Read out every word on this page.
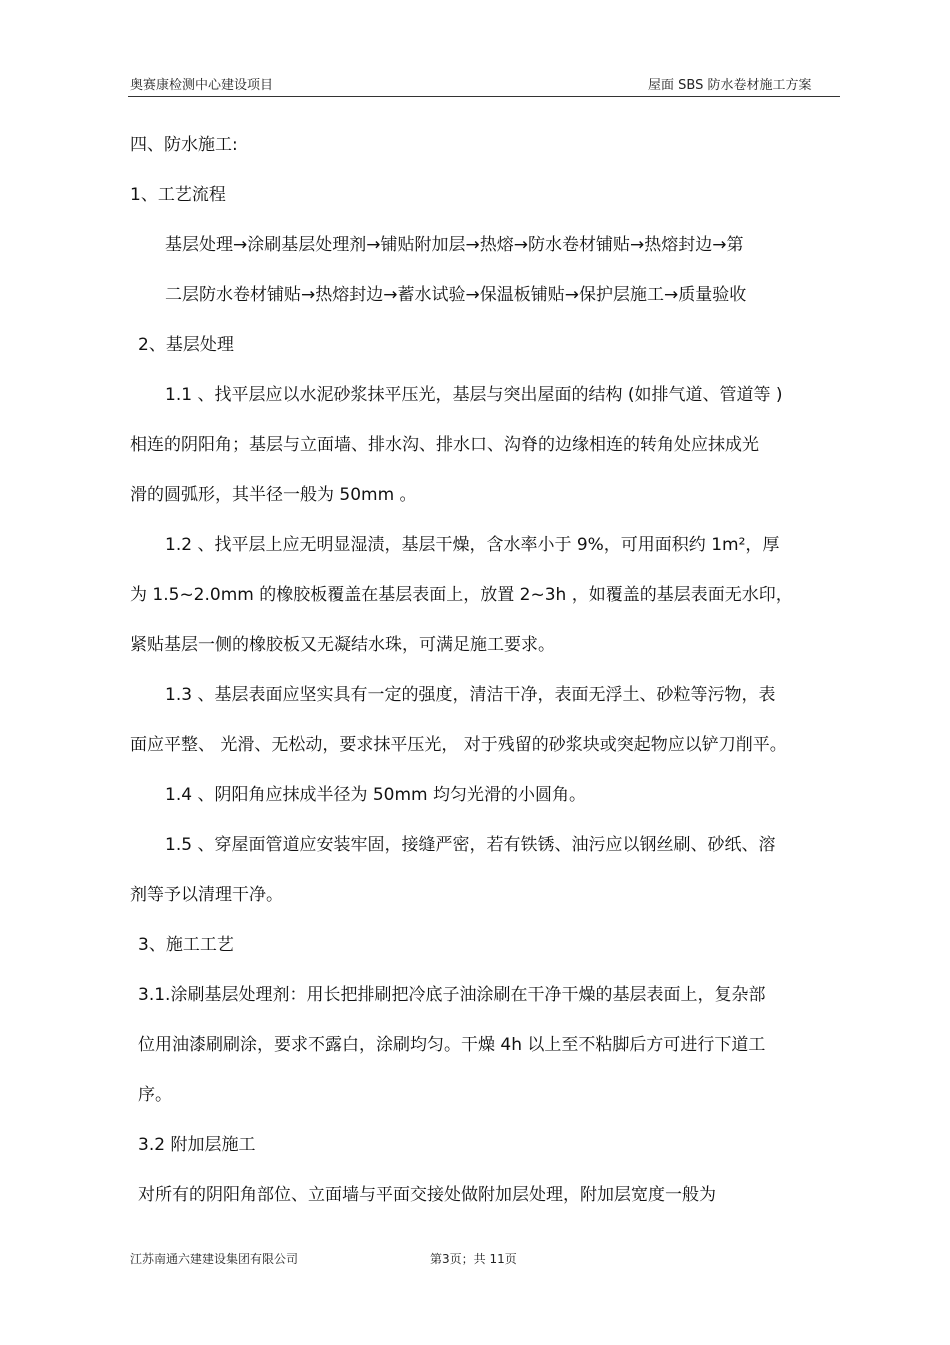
奥赛康检测中心建设项目	屋面 SBS 防水卷材施工方案
四、防水施工:
1、工艺流程
基层处理→涂刷基层处理剂→铺贴附加层→热熔→防水卷材铺贴→热熔封边→第
二层防水卷材铺贴→热熔封边→蓄水试验→保温板铺贴→保护层施工→质量验收
2、基层处理
1.1 、找平层应以水泥砂浆抹平压光，基层与突出屋面的结构 (如排气道、管道等 )
相连的阴阳角；基层与立面墙、排水沟、排水口、沟脊的边缘相连的转角处应抹成光
滑的圆弧形，其半径一般为 50mm 。
1.2 、找平层上应无明显湿渍，基层干燥，含水率小于 9%，可用面积约 1m²，厚
为 1.5~2.0mm 的橡胶板覆盖在基层表面上，放置 2~3h ，如覆盖的基层表面无水印，
紧贴基层一侧的橡胶板又无凝结水珠，可满足施工要求。
1.3 、基层表面应坚实具有一定的强度，清洁干净，表面无浮土、砂粒等污物，表
面应平整、 光滑、无松动，要求抹平压光， 对于残留的砂浆块或突起物应以铲刀削平。
1.4 、阴阳角应抹成半径为 50mm 均匀光滑的小圆角。
1.5 、穿屋面管道应安装牢固，接缝严密，若有铁锈、油污应以钢丝刷、砂纸、溶
剂等予以清理干净。
3、施工工艺
3.1.涂刷基层处理剂：用长把排刷把冷底子油涂刷在干净干燥的基层表面上，复杂部
位用油漆刷刷涂，要求不露白，涂刷均匀。干燥 4h 以上至不粘脚后方可进行下道工
序。
3.2 附加层施工
对所有的阴阳角部位、立面墙与平面交接处做附加层处理，附加层宽度一般为
江苏南通六建建设集团有限公司	第3页；共 11页
